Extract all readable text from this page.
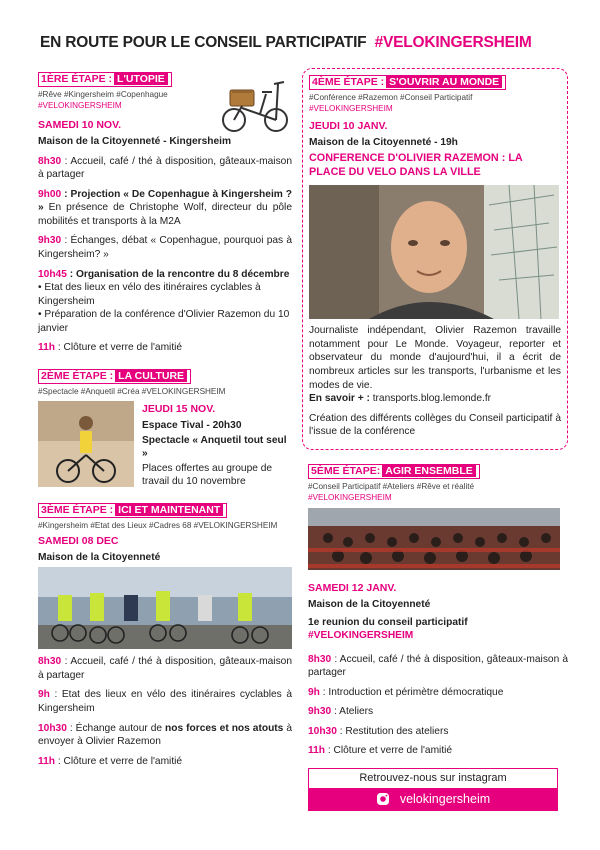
EN ROUTE POUR LE CONSEIL PARTICIPATIF #VELOKINGERSHEIM
1ÈRE ÉTAPE : L'UTOPIE
#Rêve #Kingersheim #Copenhague
#VELOKINGERSHEIM
SAMEDI 10 NOV.
Maison de la Citoyenneté - Kingersheim
8h30 : Accueil, café / thé à disposition, gâteaux-maison à partager
9h00 : Projection « De Copenhague à Kingersheim ? » En présence de Christophe Wolf, directeur du pôle mobilités et transports à la M2A
9h30 : Échanges, débat « Copenhague, pourquoi pas à Kingersheim? »
10h45 : Organisation de la rencontre du 8 décembre
• Etat des lieux en vélo des itinéraires cyclables à Kingersheim
• Préparation de la conférence d'Olivier Razemon du 10 janvier
11h : Clôture et verre de l'amitié
2ÈME ÉTAPE : LA CULTURE
#Spectacle #Anquetil #Créa #VELOKINGERSHEIM
JEUDI 15 NOV.
Espace Tival - 20h30
Spectacle « Anquetil tout seul »
Places offertes au groupe de travail du 10 novembre
3ÈME ÉTAPE : ICI ET MAINTENANT
#Kingersheim #Etat des Lieux #Cadres 68 #VELOKINGERSHEIM
SAMEDI 08 DEC
Maison de la Citoyenneté
8h30 : Accueil, café / thé à disposition, gâteaux-maison à partager
9h : Etat des lieux en vélo des itinéraires cyclables à Kingersheim
10h30 : Échange autour de nos forces et nos atouts à envoyer à Olivier Razemon
11h : Clôture et verre de l'amitié
4ÈME ÉTAPE : S'OUVRIR AU MONDE
#Conférence #Razemon #Conseil Participatif
#VELOKINGERSHEIM
JEUDI 10 JANV.
Maison de la Citoyenneté - 19h
CONFERENCE D'OLIVIER RAZEMON : LA PLACE DU VELO DANS LA VILLE
Journaliste indépendant, Olivier Razemon travaille notamment pour Le Monde. Voyageur, reporter et observateur du monde d'aujourd'hui, il a écrit de nombreux articles sur les transports, l'urbanisme et les modes de vie.
En savoir + : transports.blog.lemonde.fr
Création des différents collèges du Conseil participatif à l'issue de la conférence
5ÈME ÉTAPE: AGIR ENSEMBLE
#Conseil Participatif #Ateliers #Rêve et réalité
#VELOKINGERSHEIM
SAMEDI 12 JANV.
Maison de la Citoyenneté
1e reunion du conseil participatif
#VELOKINGERSHEIM
8h30 : Accueil, café / thé à disposition, gâteaux-maison à partager
9h : Introduction et périmètre démocratique
9h30 : Ateliers
10h30 : Restitution des ateliers
11h : Clôture et verre de l'amitié
Retrouvez-nous sur instagram
velokingersheim
